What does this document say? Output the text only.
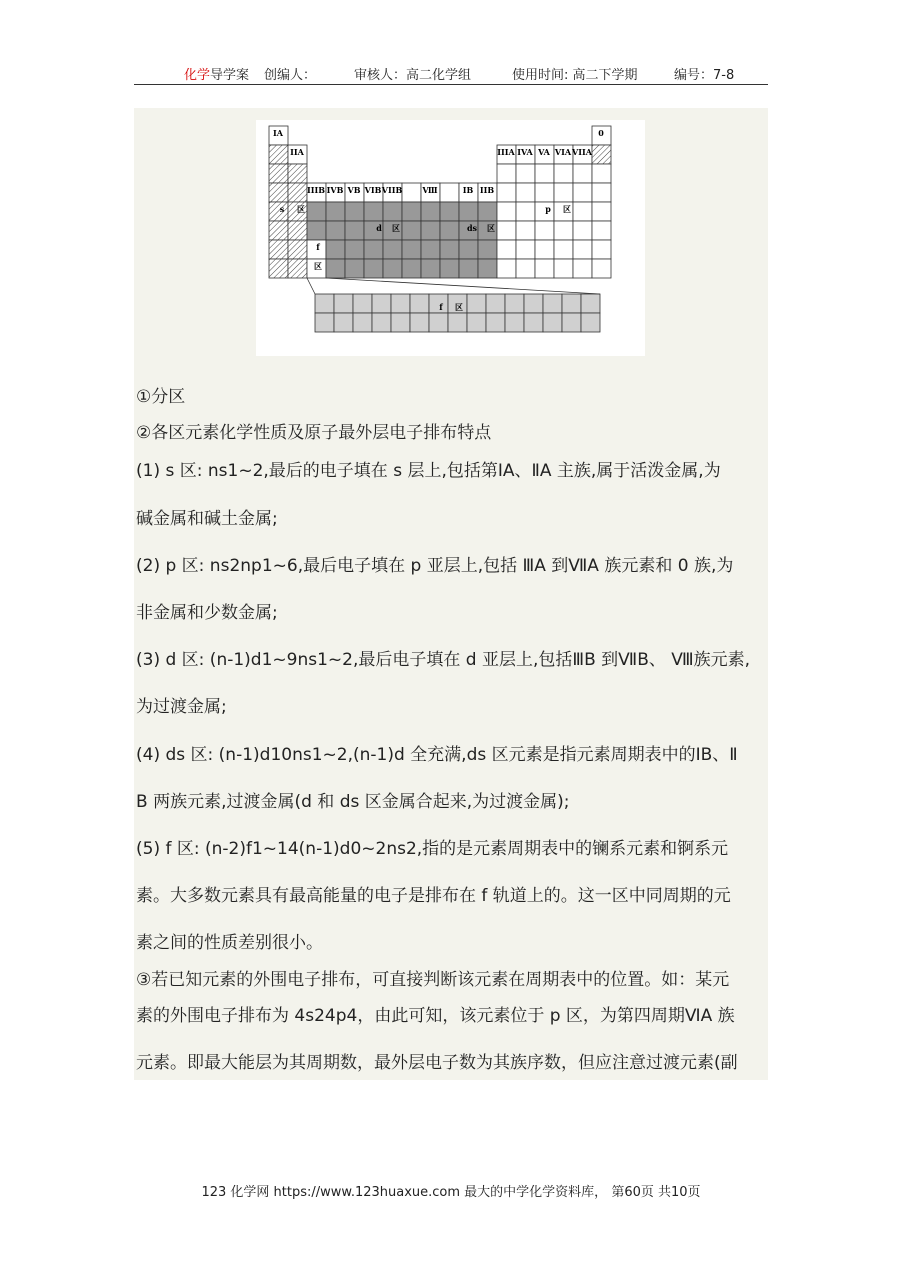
化学导学案 创编人：	审核人：高二化学组	使用时间: 高二下学期	编号：7-8
IA
IIA
IIIB IVB VB VIB VIIB	Ⅷ	IB IIB
IIIA IVA VA VIA VIIA
0
s 区
d 区	ds 区
p 区
f
区
f 区
①分区
②各区元素化学性质及原子最外层电子排布特点
(1) s 区: ns1~2,最后的电子填在 s 层上,包括第ⅠA、ⅡA 主族,属于活泼金属,为
碱金属和碱土金属;
(2) p 区: ns2np1~6,最后电子填在 p 亚层上,包括 ⅢA 到ⅦA 族元素和 0 族,为
非金属和少数金属;
(3) d 区: (n-1)d1~9ns1~2,最后电子填在 d 亚层上,包括ⅢB 到ⅦB、 Ⅷ族元素,
为过渡金属;
(4) ds 区: (n-1)d10ns1~2,(n-1)d 全充满,ds 区元素是指元素周期表中的ⅠB、Ⅱ
B 两族元素,过渡金属(d 和 ds 区金属合起来,为过渡金属);
(5) f 区: (n-2)f1~14(n-1)d0~2ns2,指的是元素周期表中的镧系元素和锕系元
素。大多数元素具有最高能量的电子是排布在 f 轨道上的。这一区中同周期的元
素之间的性质差别很小。
③若已知元素的外围电子排布，可直接判断该元素在周期表中的位置。如：某元
素的外围电子排布为 4s24p4，由此可知，该元素位于 p 区，为第四周期ⅥA 族
元素。即最大能层为其周期数，最外层电子数为其族序数，但应注意过渡元素(副
123 化学网 https://www.123huaxue.com 最大的中学化学资料库， 第60页 共10页
